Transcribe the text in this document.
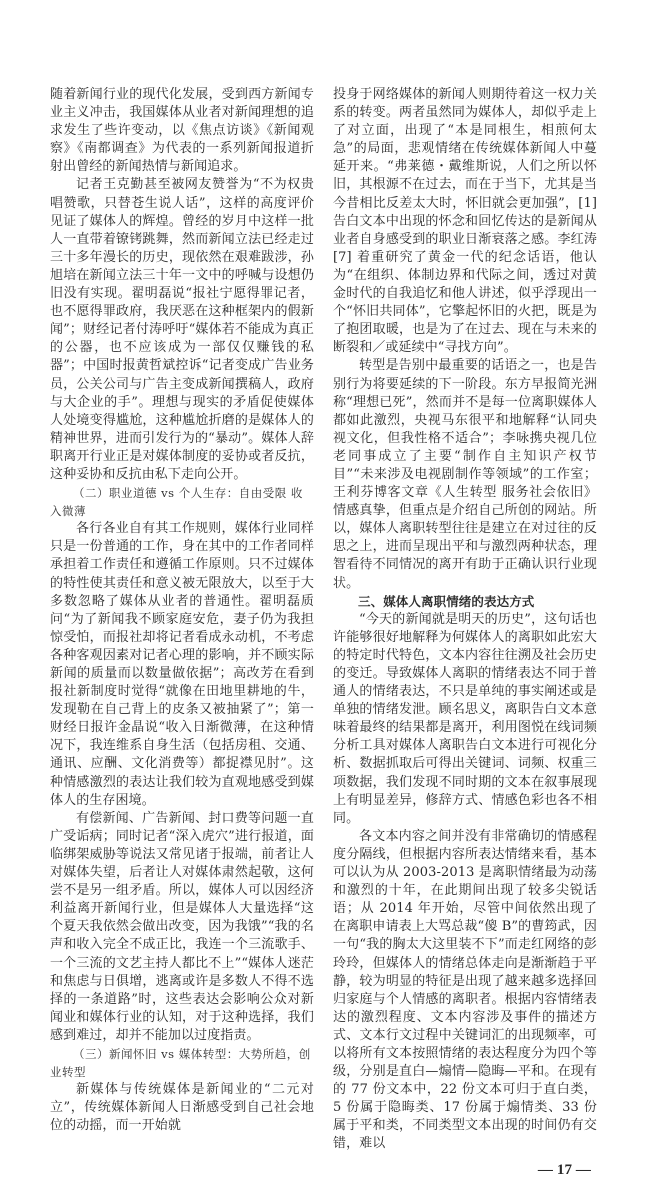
随着新闻行业的现代化发展，受到西方新闻专业主义冲击，我国媒体从业者对新闻理想的追求发生了些许变动，以《焦点访谈》《新闻观察》《南都调查》为代表的一系列新闻报道折射出曾经的新闻热情与新闻追求。

记者王克勤甚至被网友赞誉为“不为权贵唱赞歌，只替苍生说人话”，这样的高度评价见证了媒体人的辉煌。曾经的岁月中这样一批人一直带着镣铐跳舞，然而新闻立法已经走过三十多年漫长的历史，现依然在艰难跋涉，孙旭培在新闻立法三十年一文中的呼喊与设想仍旧没有实现。翟明磊说“报社宁愿得罪记者，也不愿得罪政府，我厌恶在这种框架内的假新闻”；财经记者付涛呼吁“媒体若不能成为真正的公器，也不应该成为一部仅仅赚钱的私器”；中国时报黄哲斌控诉“记者变成广告业务员，公关公司与广告主变成新闻撰稿人，政府与大企业的手”。理想与现实的矛盾促使媒体人处境变得尴尬，这种尴尬折磨的是媒体人的精神世界，进而引发行为的“暴动”。媒体人辞职离开行业正是对媒体制度的妥协或者反抗，这种妥协和反抗由私下走向公开。

（二）职业道德 vs 个人生存：自由受限 收入微薄

各行各业自有其工作规则，媒体行业同样只是一份普通的工作，身在其中的工作者同样承担着工作责任和遵循工作原则。只不过媒体的特性使其责任和意义被无限放大，以至于大多数忽略了媒体从业者的普通性。翟明磊质问“为了新闻我不顾家庭安危，妻子仍为我担惊受怕，而报社却将记者看成永动机，不考虑各种客观因素对记者心理的影响，并不顾实际新闻的质量而以数量做依据”；高改芳在看到报社新制度时觉得“就像在田地里耕地的牛，发现勒在自己背上的皮条又被抽紧了”；第一财经日报许金晶说“收入日渐微薄，在这种情况下，我连维系自身生活（包括房租、交通、通讯、应酬、文化消费等）都捉襟见肘”。这种情感激烈的表达让我们较为直观地感受到媒体人的生存困境。

有偿新闻、广告新闻、封口费等问题一直广受诟病；同时记者“深入虎穴”进行报道，面临绑架威胁等说法又常见诸于报端，前者让人对媒体失望，后者让人对媒体肃然起敬，这何尝不是另一组矛盾。所以，媒体人可以因经济利益离开新闻行业，但是媒体人大量选择“这个夏天我依然会做出改变，因为我饿”“我的名声和收入完全不成正比，我连一个三流歌手、一个三流的文艺主持人都比不上”“媒体人迷茫和焦虑与日俱增，逃离或许是多数人不得不选择的一条道路”时，这些表达会影响公众对新闻业和媒体行业的认知，对于这种选择，我们感到难过，却并不能加以过度指责。

（三）新闻怀旧 vs 媒体转型：大势所趋，创业转型

新媒体与传统媒体是新闻业的“二元对立”，传统媒体新闻人日渐感受到自己社会地位的动摇，而一开始就

投身于网络媒体的新闻人则期待着这一权力关系的转变。两者虽然同为媒体人，却似乎走上了对立面，出现了“本是同根生，相煎何太急”的局面，悲观情绪在传统媒体新闻人中蔓延开来。“弗莱德・戴维斯说，人们之所以怀旧，其根源不在过去，而在于当下，尤其是当今昔相比反差太大时，怀旧就会更加强”，[1] 告白文本中出现的怀念和回忆传达的是新闻从业者自身感受到的职业日渐衰落之感。李红涛 [7] 着重研究了黄金一代的纪念话语，他认为“在组织、体制边界和代际之间，透过对黄金时代的自我追忆和他人讲述，似乎浮现出一个“怀旧共同体”，它擎起怀旧的火把，既是为了抱团取暖，也是为了在过去、现在与未来的断裂和／或延续中“寻找方向”。

转型是告别中最重要的话语之一，也是告别行为将要延续的下一阶段。东方早报简光洲称“理想已死”，然而并不是每一位离职媒体人都如此激烈，央视马东很平和地解释“认同央视文化，但我性格不适合”；李咏携央视几位老同事成立了主要“制作自主知识产权节目”“未来涉及电视剧制作等领域”的工作室；王利芬博客文章《人生转型 服务社会依旧》情感真挚，但重点是介绍自己所创的网站。所以，媒体人离职转型往往是建立在对过往的反思之上，进而呈现出平和与激烈两种状态，理智看待不同情况的离开有助于正确认识行业现状。

三、媒体人离职情绪的表达方式

“今天的新闻就是明天的历史”，这句话也许能够很好地解释为何媒体人的离职如此宏大的特定时代特色，文本内容往往溯及社会历史的变迁。导致媒体人离职的情绪表达不同于普通人的情绪表达，不只是单纯的事实阐述或是单独的情绪发泄。顾名思义，离职告白文本意味着最终的结果都是离开，利用图悦在线词频分析工具对媒体人离职告白文本进行可视化分析、数据抓取后可得出关键词、词频、权重三项数据，我们发现不同时期的文本在叙事展现上有明显差异，修辞方式、情感色彩也各不相同。

各文本内容之间并没有非常确切的情感程度分隔线，但根据内容所表达情绪来看，基本可以认为从 2003-2013 是离职情绪最为动荡和激烈的十年，在此期间出现了较多尖锐话语；从 2014 年开始，尽管中间依然出现了在离职申请表上大骂总裁“傻 B”的曹筠武，因一句“我的胸太大这里装不下”而走红网络的彭玲玲，但媒体人的情绪总体走向是渐渐趋于平静，较为明显的特征是出现了越来越多选择回归家庭与个人情感的离职者。根据内容情绪表达的激烈程度、文本内容涉及事件的描述方式、文本行文过程中关键词汇的出现频率，可以将所有文本按照情绪的表达程度分为四个等级，分别是直白—煽情—隐晦—平和。在现有的 77 份文本中，22 份文本可归于直白类，5 份属于隐晦类、17 份属于煽情类、33 份属于平和类，不同类型文本出现的时间仍有交错，难以

— 17 —
